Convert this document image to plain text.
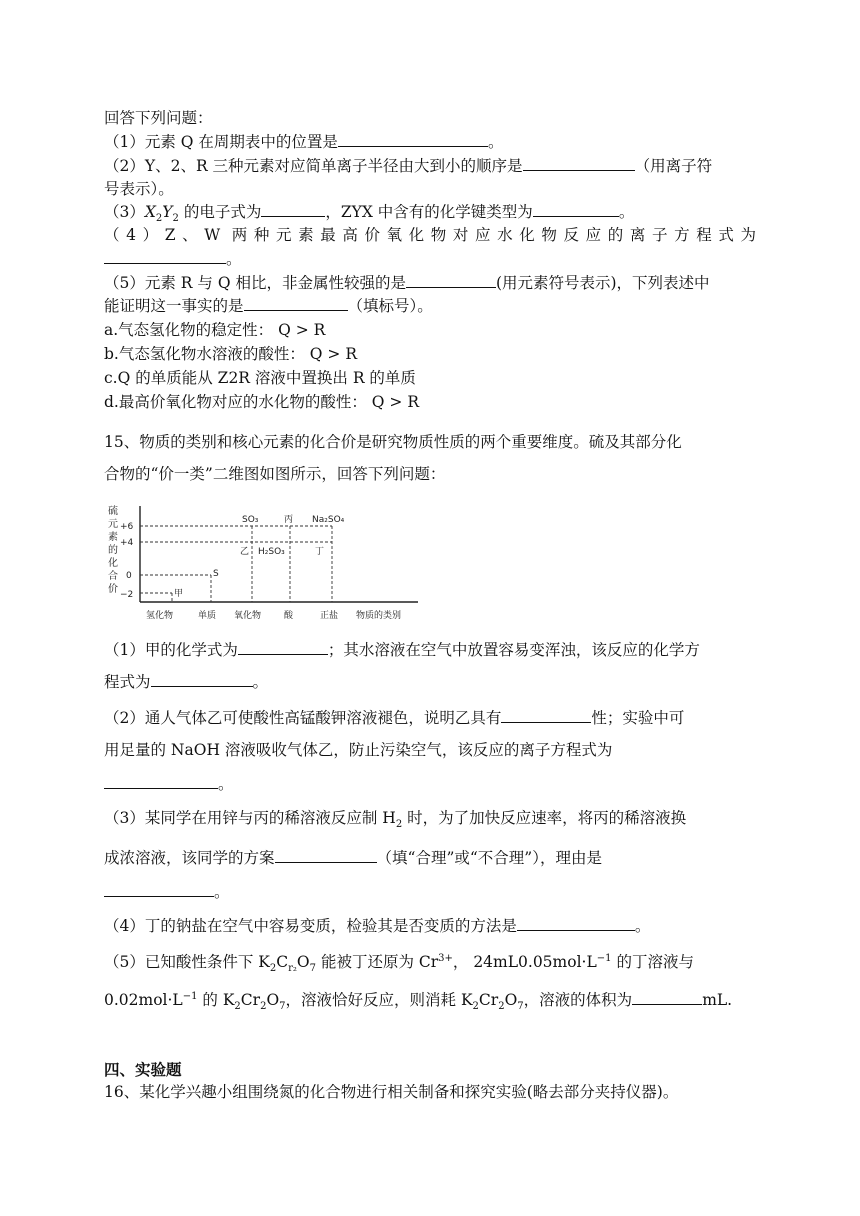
回答下列问题：
（1）元素 Q 在周期表中的位置是	。
（2）Y、2、R 三种元素对应简单离子半径由大到小的顺序是	（用离子符
号表示）。
$(3)X_2Y_2$ 的电子式为	，ZYX 中含有的化学键类型为	。
（4）Z、W 两种元素最高价氧化物对应水化物反应的离子方程式为
。
（5）元素 R 与 Q 相比，非金属性较强的是	(用元素符号表示)，下列表述中
能证明这一事实的是	（填标号）。
a.气态氢化物的稳定性： Q > R
b.气态氢化物水溶液的酸性： Q > R
c.Q 的单质能从 Z2R 溶液中置换出 R 的单质
d.最高价氧化物对应的水化物的酸性： Q > R
15、物质的类别和核心元素的化合价是研究物质性质的两个重要维度。硫及其部分化
合物的“价一类”二维图如图所示，回答下列问题：
硫
元
素
的
化
合
价
+6
+4
0
−2	甲
S
SO₃	丙 Na₂SO₄
乙 H₂SO₃	丁
氢化物	单质 氧化物	酸	正盐 物质的类别
（1）甲的化学式为	；其水溶液在空气中放置容易变浑浊，该反应的化学方
程式为	。
（2）通人气体乙可使酸性高锰酸钾溶液褪色，说明乙具有	性；实验中可
用足量的 NaOH 溶液吸收气体乙，防止污染空气，该反应的离子方程式为
。
（3）某同学在用锌与丙的稀溶液反应制 $H_2$ 时，为了加快反应速率，将丙的稀溶液换
成浓溶液，该同学的方案	（填“合理”或“不合理”），理由是
。
（4）丁的钠盐在空气中容易变质，检验其是否变质的方法是	。
（5）已知酸性条件下 $K_2C_{r_2}O_7$ 能被丁还原为 $Cr^{3+}$， $24mL0.05mol\cdot L^{-1}$ 的丁溶液与
$0.02mol\cdot L^{-1}$ 的 $K_2Cr_2O_7$，溶液恰好反应，则消耗 $K_2Cr_2O_7$，溶液的体积为	mL.
四、实验题
16、某化学兴趣小组围绕氮的化合物进行相关制备和探究实验(略去部分夹持仪器)。
